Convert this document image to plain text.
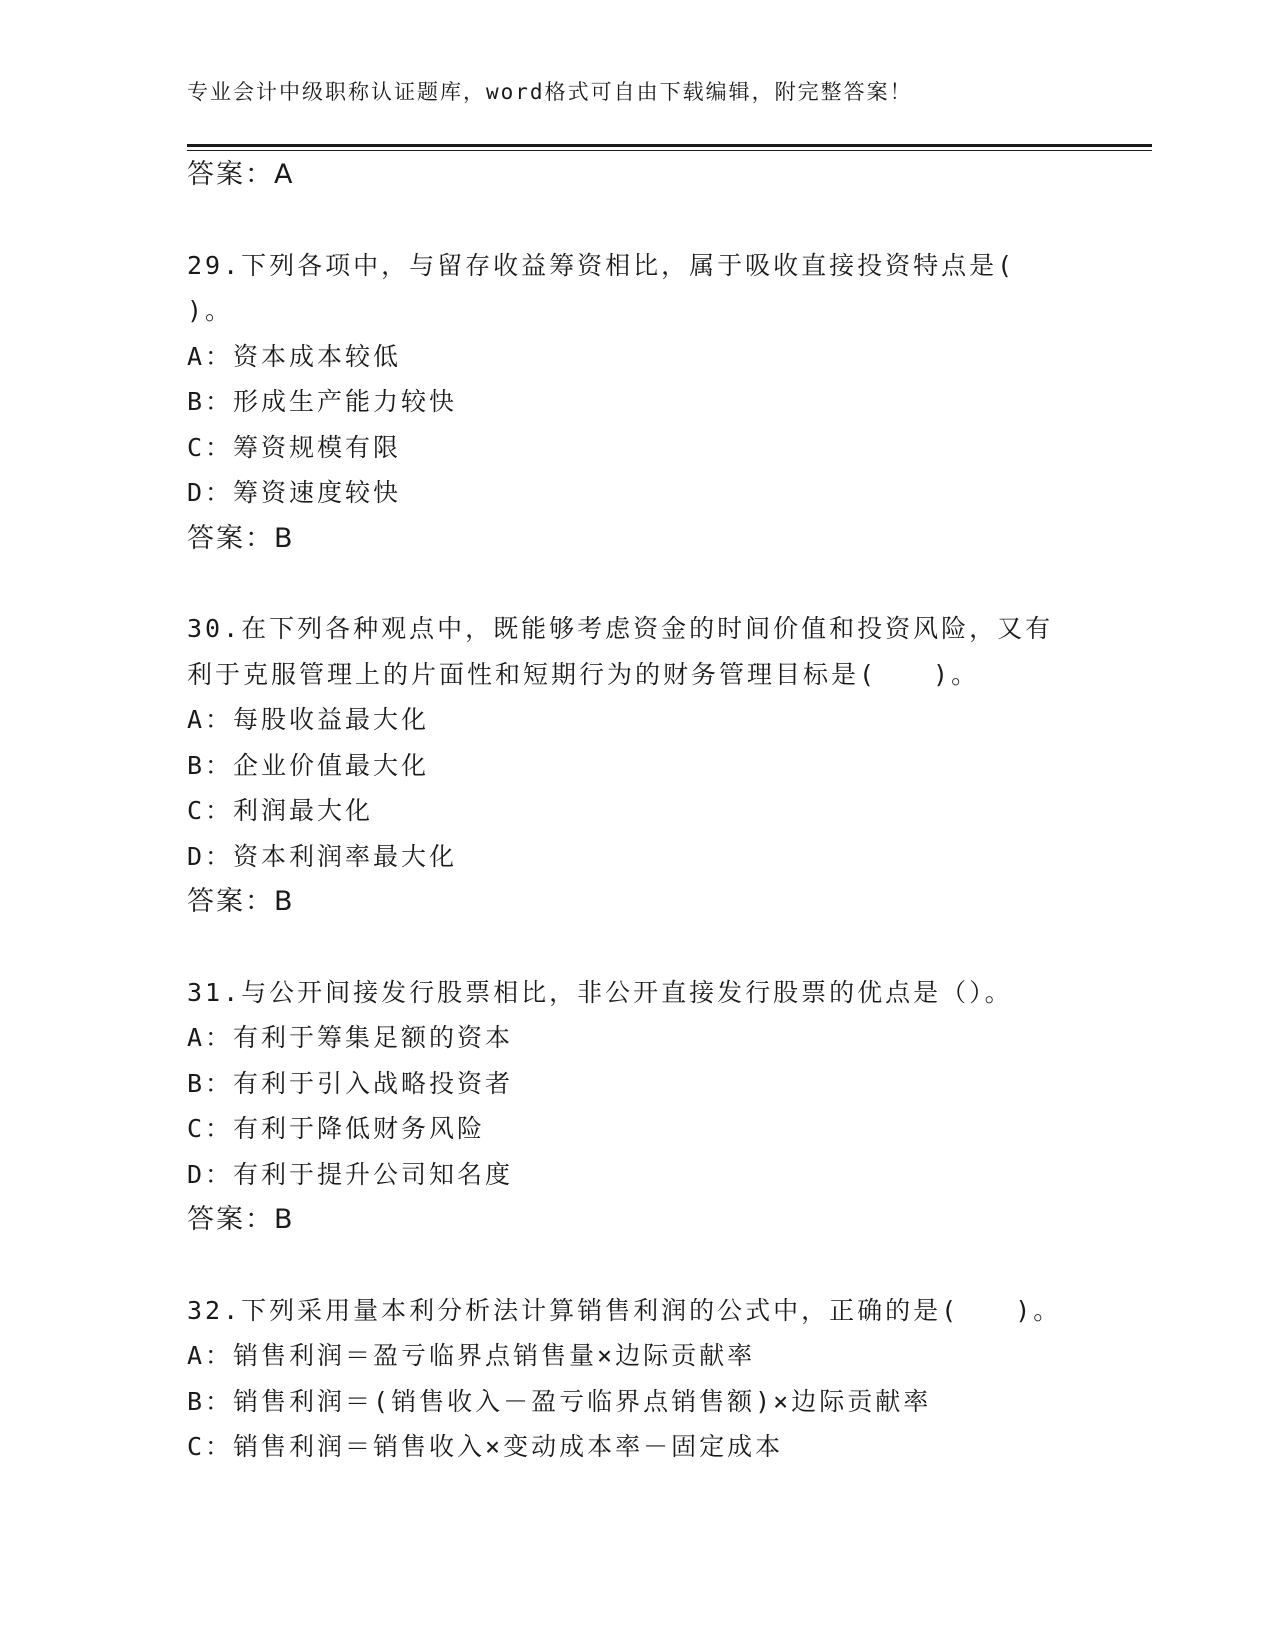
专业会计中级职称认证题库，word格式可自由下载编辑，附完整答案！
答案：A
29.下列各项中，与留存收益筹资相比，属于吸收直接投资特点是(
)。
A：资本成本较低
B：形成生产能力较快
C：筹资规模有限
D：筹资速度较快
答案：B
30.在下列各种观点中，既能够考虑资金的时间价值和投资风险，又有
利于克服管理上的片面性和短期行为的财务管理目标是(　　)。
A：每股收益最大化
B：企业价值最大化
C：利润最大化
D：资本利润率最大化
答案：B
31.与公开间接发行股票相比，非公开直接发行股票的优点是（）。
A：有利于筹集足额的资本
B：有利于引入战略投资者
C：有利于降低财务风险
D：有利于提升公司知名度
答案：B
32.下列采用量本利分析法计算销售利润的公式中，正确的是(　　)。
A：销售利润＝盈亏临界点销售量×边际贡献率
B：销售利润＝(销售收入－盈亏临界点销售额)×边际贡献率
C：销售利润＝销售收入×变动成本率－固定成本
